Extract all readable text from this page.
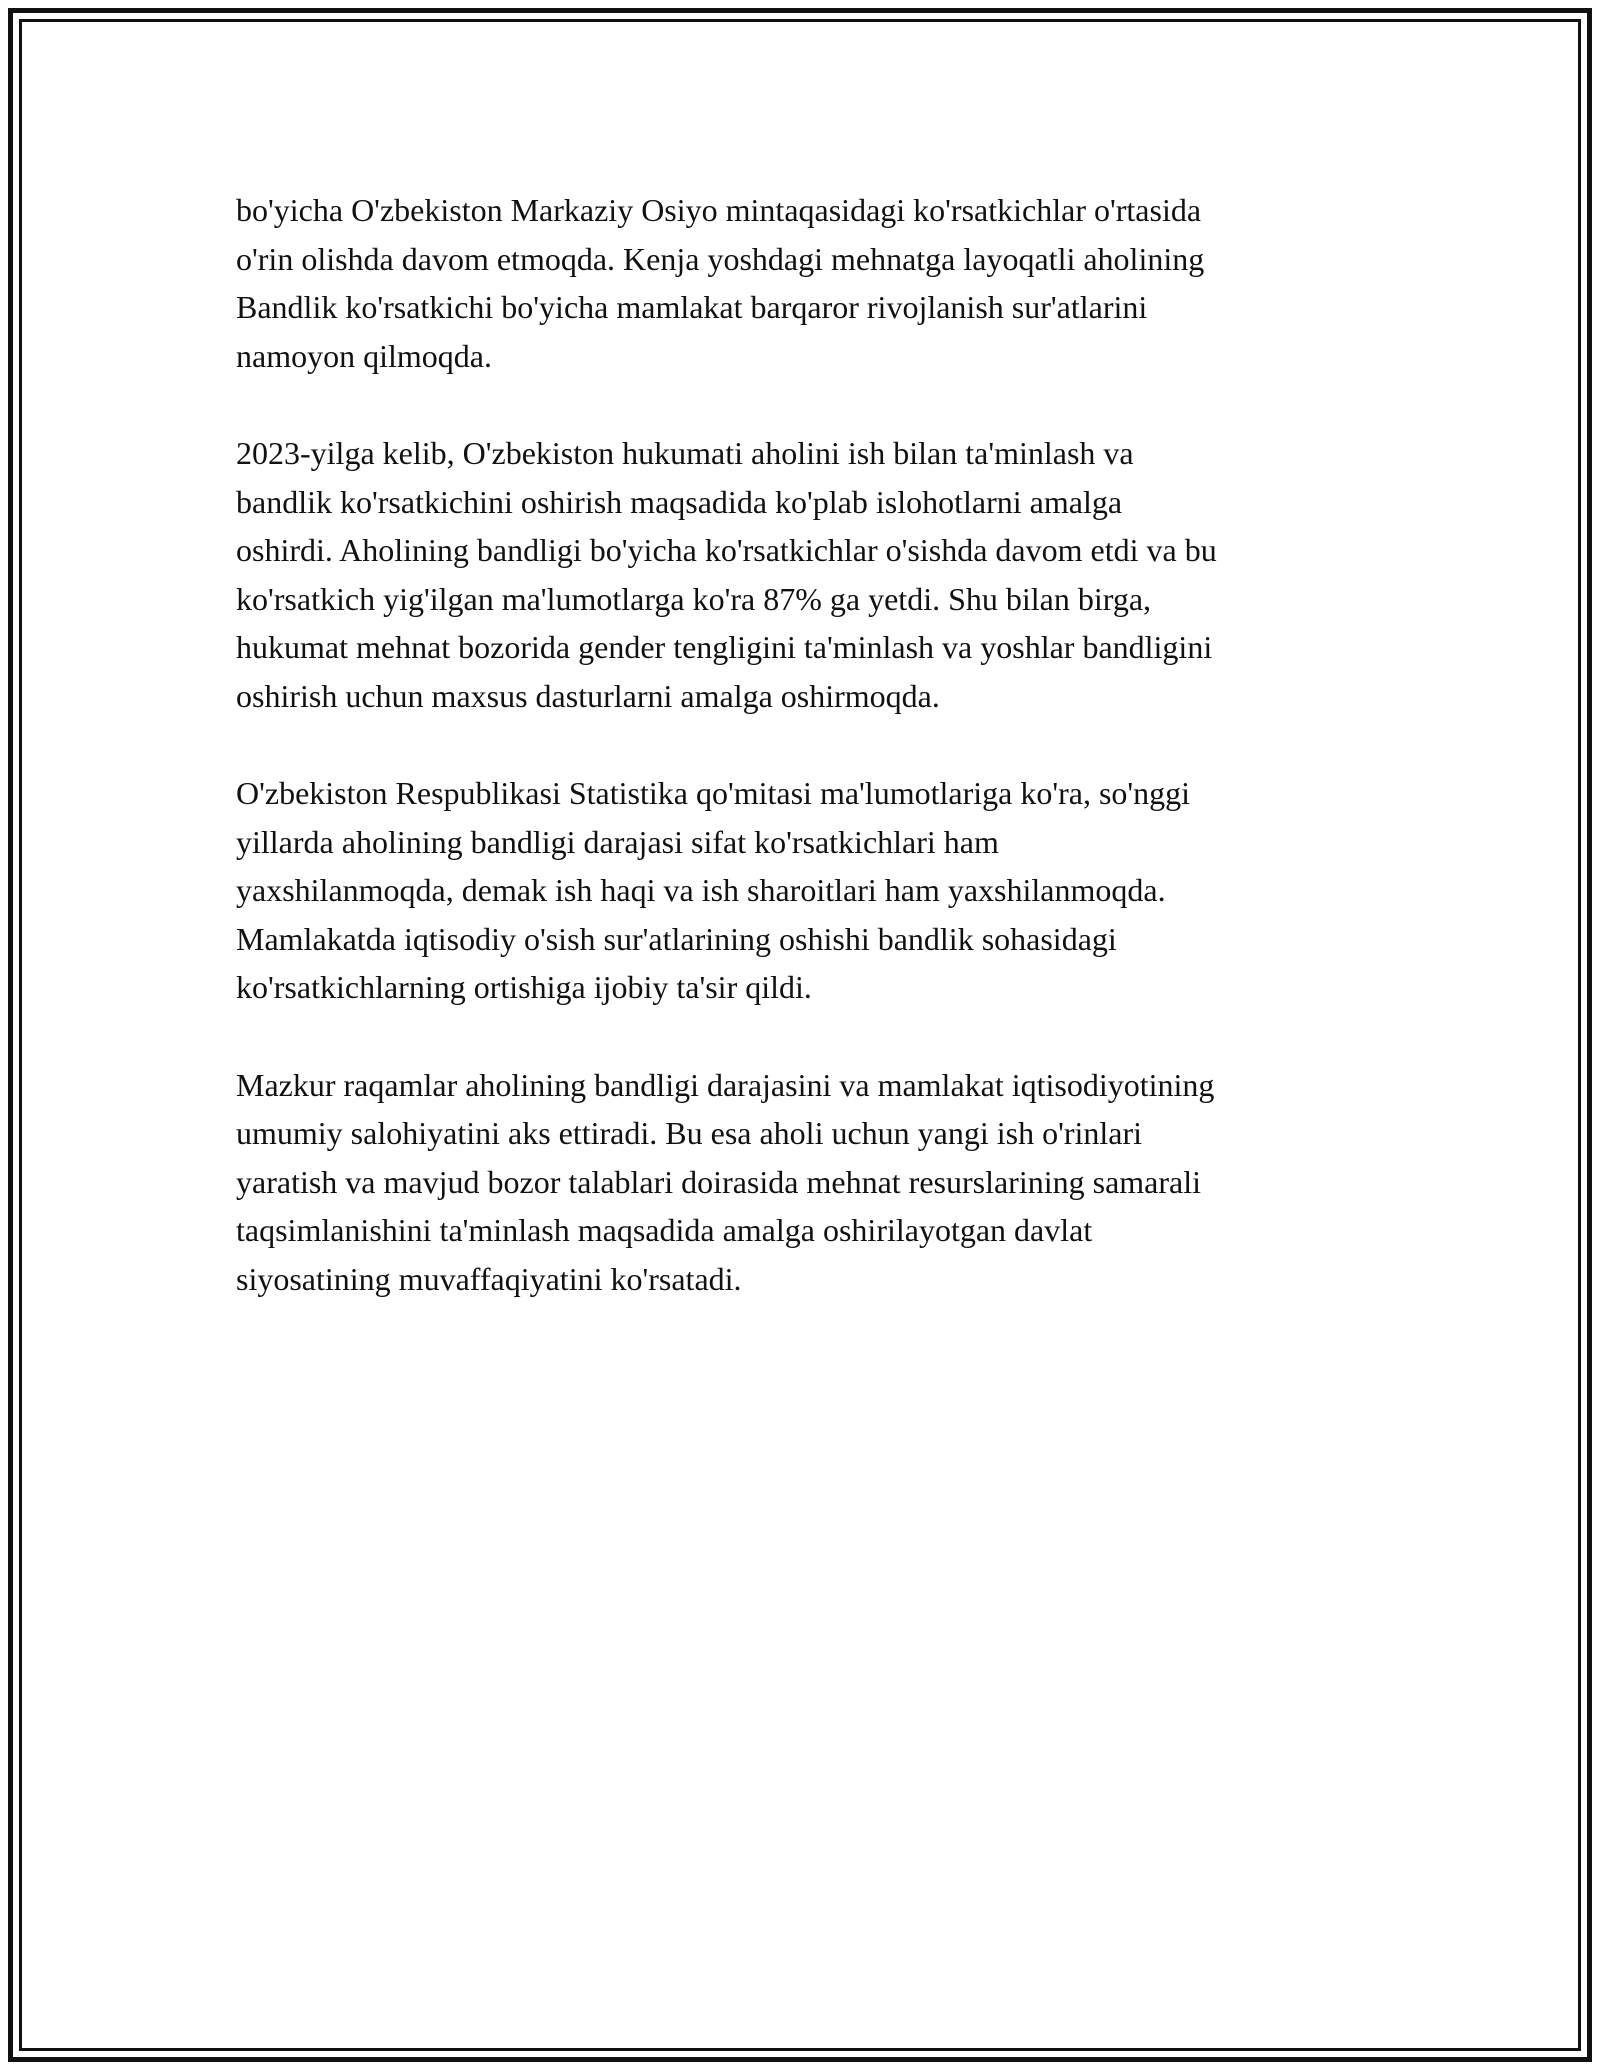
bo'yicha O'zbekiston Markaziy Osiyo mintaqasidagi ko'rsatkichlar o'rtasida
o'rin olishda davom etmoqda. Kenja yoshdagi mehnatga layoqatli aholining
Bandlik ko'rsatkichi bo'yicha mamlakat barqaror rivojlanish sur'atlarini
namoyon qilmoqda.

2023-yilga kelib, O'zbekiston hukumati aholini ish bilan ta'minlash va
bandlik ko'rsatkichini oshirish maqsadida ko'plab islohotlarni amalga
oshirdi. Aholining bandligi bo'yicha ko'rsatkichlar o'sishda davom etdi va bu
ko'rsatkich yig'ilgan ma'lumotlarga ko'ra 87% ga yetdi. Shu bilan birga,
hukumat mehnat bozorida gender tengligini ta'minlash va yoshlar bandligini
oshirish uchun maxsus dasturlarni amalga oshirmoqda.

O'zbekiston Respublikasi Statistika qo'mitasi ma'lumotlariga ko'ra, so'nggi
yillarda aholining bandligi darajasi sifat ko'rsatkichlari ham
yaxshilanmoqda, demak ish haqi va ish sharoitlari ham yaxshilanmoqda.
Mamlakatda iqtisodiy o'sish sur'atlarining oshishi bandlik sohasidagi
ko'rsatkichlarning ortishiga ijobiy ta'sir qildi.

Mazkur raqamlar aholining bandligi darajasini va mamlakat iqtisodiyotining
umumiy salohiyatini aks ettiradi. Bu esa aholi uchun yangi ish o'rinlari
yaratish va mavjud bozor talablari doirasida mehnat resurslarining samarali
taqsimlanishini ta'minlash maqsadida amalga oshirilayotgan davlat
siyosatining muvaffaqiyatini ko'rsatadi.
